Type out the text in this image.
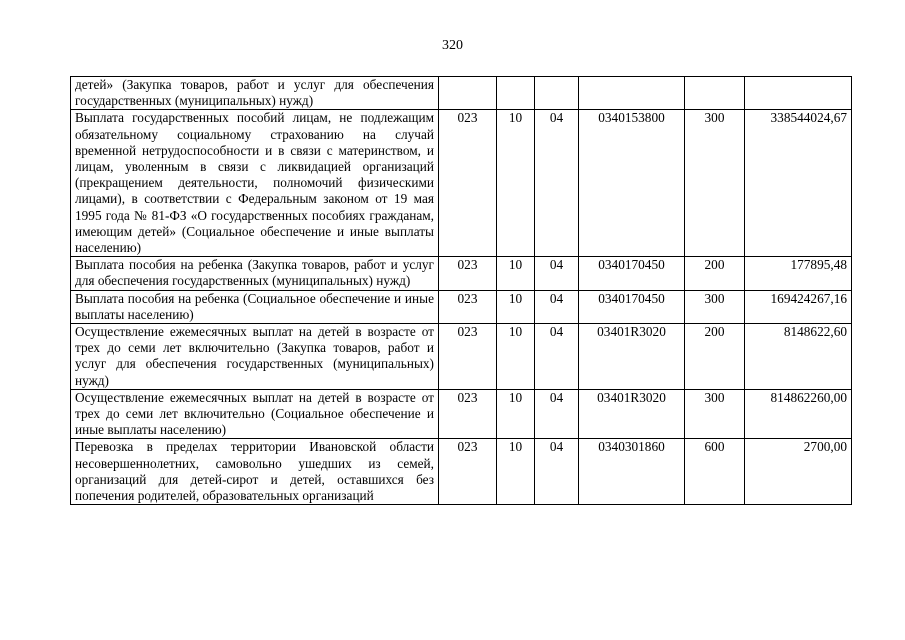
320
детей» (Закупка товаров, работ и услуг для обеспечения государственных (муниципальных) нужд)						
Выплата государственных пособий лицам, не подлежащим обязательному социальному страхованию на случай временной нетрудоспособности и в связи с материнством, и лицам, уволенным в связи с ликвидацией организаций (прекращением деятельности, полномочий физическими лицами), в соответствии с Федеральным законом от 19 мая 1995 года № 81-ФЗ «О государственных пособиях гражданам, имеющим детей» (Социальное обеспечение и иные выплаты населению)	023	10	04	0340153800	300	338544024,67
Выплата пособия на ребенка (Закупка товаров, работ и услуг для обеспечения государственных (муниципальных) нужд)	023	10	04	0340170450	200	177895,48
Выплата пособия на ребенка (Социальное обеспечение и иные выплаты населению)	023	10	04	0340170450	300	169424267,16
Осуществление ежемесячных выплат на детей в возрасте от трех до семи лет включительно (Закупка товаров, работ и услуг для обеспечения государственных (муниципальных) нужд)	023	10	04	03401R3020	200	8148622,60
Осуществление ежемесячных выплат на детей в возрасте от трех до семи лет включительно (Социальное обеспечение и иные выплаты населению)	023	10	04	03401R3020	300	814862260,00
Перевозка в пределах территории Ивановской области несовершеннолетних, самовольно ушедших из семей, организаций для детей-сирот и детей, оставшихся без попечения родителей, образовательных организаций	023	10	04	0340301860	600	2700,00
